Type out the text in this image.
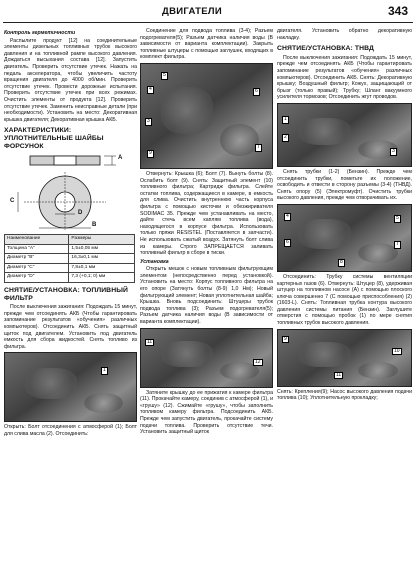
ДВИГАТЕЛИ	343
Контроль герметичности

Распылите продукт [12] на соединительные элементы дизельных топливных трубок высокого давления и на топливной рампе высокого давления. Дождаться высыхания состава [12]. Запустить двигатель. Проверить отсутствие утечек. Нажать на педаль акселератора, чтобы увеличить частоту вращения двигателя до 4000 об/мин. Проверить отсутствие утечек. Провести дорожные испытания. Проверить отсутствие утечек при всех режимах. Очистить элементы от продукта [12]. Проверить отсутствие утечек. Заменить неисправные детали (при необходимости). Установить на место: Декоративная крышка двигателя; Декоративная крышка АКБ.

ХАРАКТЕРИСТИКИ: УПЛОТНИТЕЛЬНЫЕ ШАЙБЫ ФОРСУНОК
A
C
B
D
Наименование	Размеры
Толщина "А"	1,5±0,05 мм
Диаметр "В"	16,3±0,1 мм
Диаметр "С"	7,8±0,1 мм
Диаметр "D"	7,3 (+0,1; 0) мм
СНЯТИЕ/УСТАНОВКА: ТОПЛИВНЫЙ ФИЛЬТР

После выключения зажигания: Подождать 15 минут, прежде чем отсоединять АКБ (Чтобы гарантировать запоминание результатов «обучения» различных компьютеров). Отсоединить АКБ. Снять защитный щиток под двигателем. Установить под двигатель емкость для сбора жидкостей. Снять топливо из фильтра.

1

Открыть: Болт отсоединения с атмосферой (1); Болт для слива масла (2). Отсоединить:

Соединение для подвода топлива (3-4); Разъем подогревателя(5); Разъем датчика наличия воды (В зависимости от варианта комплектации). Закрыть топливные штуцеры с помощью заглушек, входящих в комплект фильтра.

5
4	6
3
9
7

Отвернуть: Крышка (6); Болт (7). Вынуть болты (8). Ослабить болт (9). Снять: Защитный элемент (10) топливного фильтра; Картридж фильтра. Слейте остатки топлива, содержащиеся в камере, в емкость для слива. Очистить внутреннюю часть корпуса фильтра с помощью кисточки и обезжиривателя SODIMAC 35. Прежде чем устанавливать на место, дайте стечь всем каплям топлива (вода), находящегося в корпусе фильтра. Использовать только пряжи RESISTEL (Поставляется в запчасти). Не использовать сжатый воздух. Затянуть болт слива из камеры. Строго ЗАПРЕЩАЕТСЯ заливать топливный фильтр в сборе в тиски.

Установка

Открыть мешок с новым топливным фильтрующим элементом (непосредственно перед установкой). Установить на место: Корпус топливного фильтра на его опоре (Затянуть болты (8-9) 1,0 Нм); Новый фильтрующий элемент; Новая уплотнительная шайба; Крышка. Вновь подсоединить: Штуцеры трубок подвода топлива (3); Разъем подогревателя(5); Разъем датчика наличия воды (В зависимости от варианта комплектации).

11
12

Затяните крышку до ее прижатия к камере фильтра (11). Прокачайте камеру, соединив с атмосферой (1), и «грушу» (12). Сжимайте «грушу», чтобы заполнить топливом камеру фильтра. Подсоединить АКБ. Прежде чем запустить двигатель, прокачайте систему подачи топлива. Проверить отсутствие течи. Установить защитный щиток

двигателя. Установить обратно декоративную накладку.

СНЯТИЕ/УСТАНОВКА: ТНВД

После выключения зажигания: Подождать 15 минут, прежде чем отсоединять АКБ (Чтобы гарантировать запоминание результатов «обучения» различных компьютеров). Отсоединить АКБ. Снять: Декоративную крышку; Воздушный фильтр; Кожух, защищающий от брызг (только правый); Трубку; Шланг вакуумного усилителя тормозов; Отсоединить жгут проводов.

1
2
3

Снять трубки (1-2) (Бензин). Прежде чем отсоединить трубки, пометьте их положение, освободить и отвести в сторону разъемы (3-4) (ТНВД). Снять опору (5) (Электромуфт). Очистить трубки высокого давления, прежде чем отворачивать их.

4	5
6	7
8

Отсоединить: Трубку системы вентиляции картерных газов (6). Отвернуть: Штуцер (8), удерживая штуцер на топливном насосе (А) с помощью плоского ключа совершенно 7 (С помощью приспособления) (2) (1603-L). Снять: Топливная трубка контура высокого давления системы питания (Бензин). Заглушите отверстия с помощью пробок (1) по мере снятия топливных трубок высокого давления.

9
10
11

Снять: Крепления(9); Насос высокого давления подачи топлива (10); Уплотнительную прокладку;
